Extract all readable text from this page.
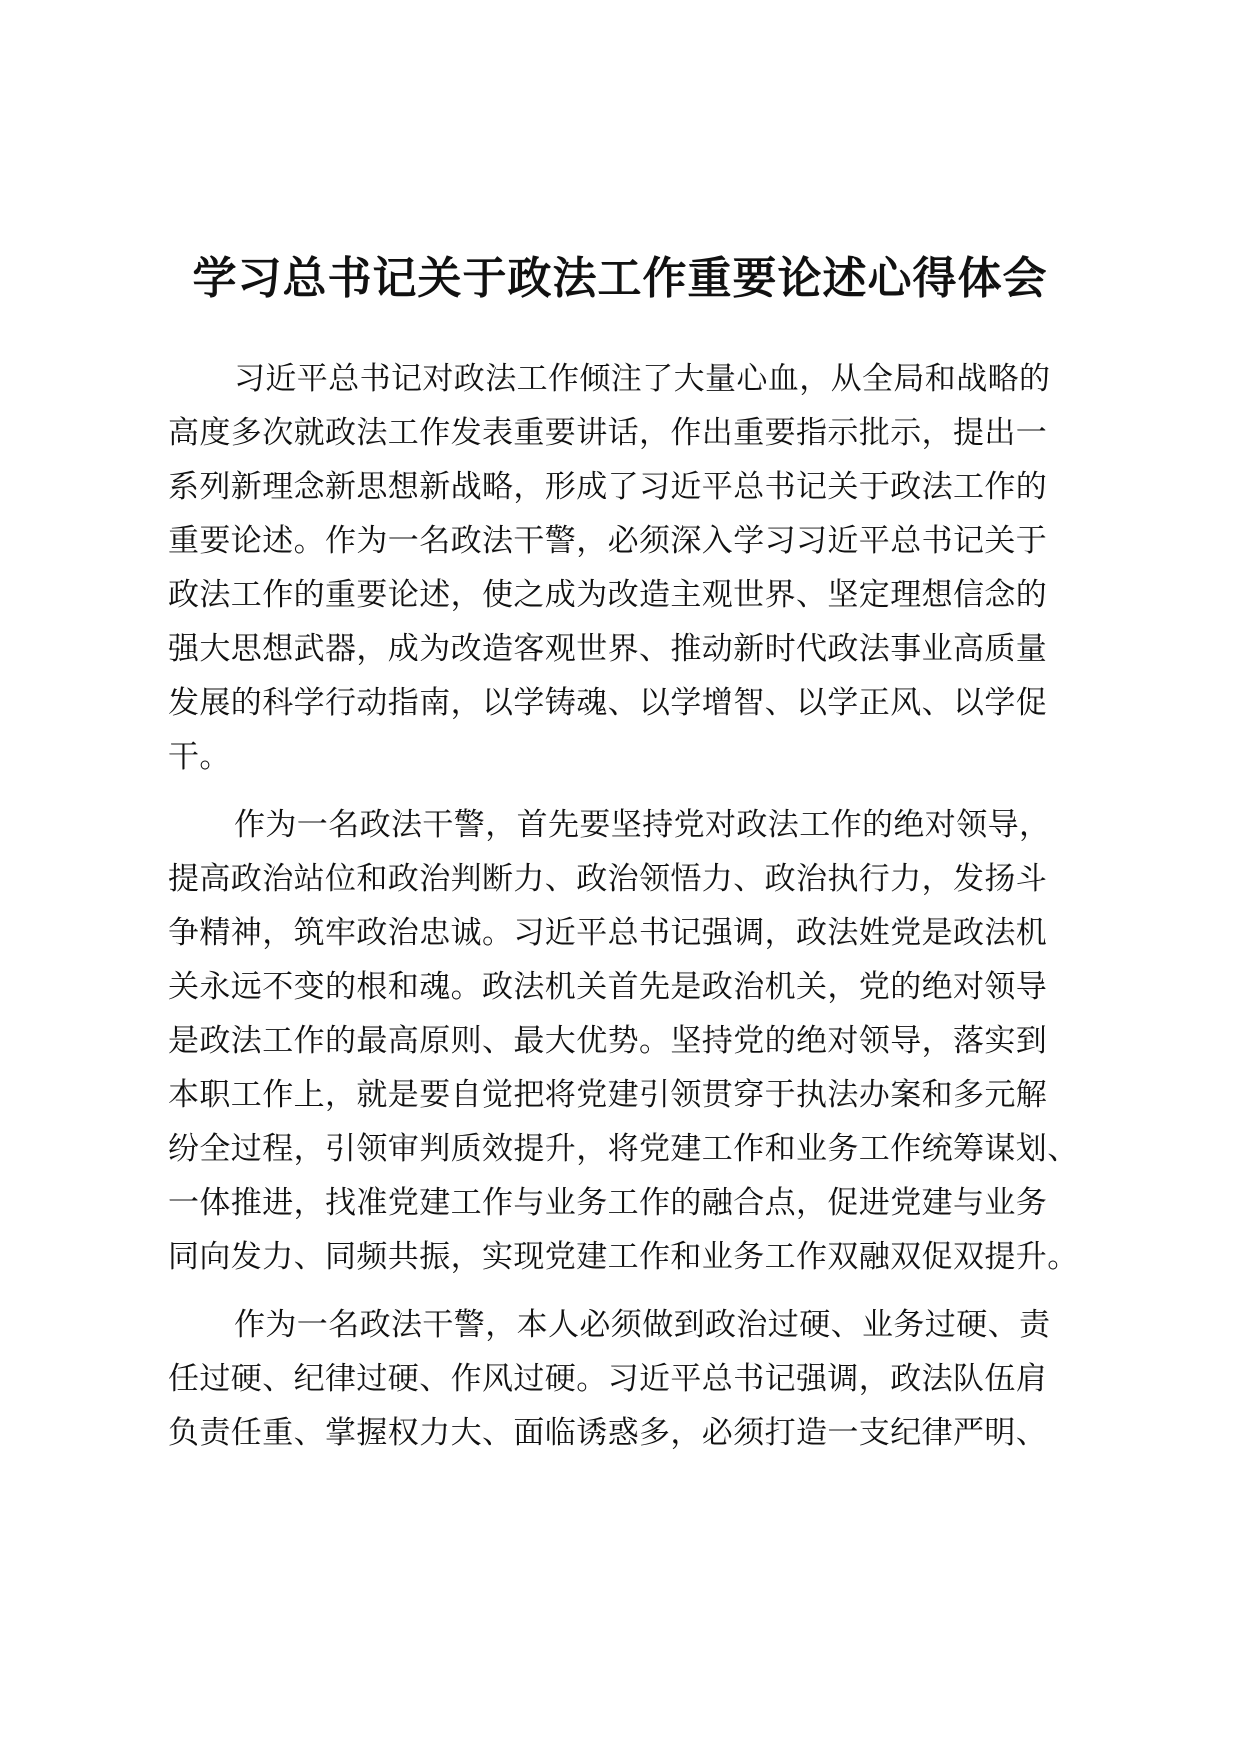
学习总书记关于政法工作重要论述心得体会
习近平总书记对政法工作倾注了大量心血，从全局和战略的
高度多次就政法工作发表重要讲话，作出重要指示批示，提出一
系列新理念新思想新战略，形成了习近平总书记关于政法工作的
重要论述。作为一名政法干警，必须深入学习习近平总书记关于
政法工作的重要论述，使之成为改造主观世界、坚定理想信念的
强大思想武器，成为改造客观世界、推动新时代政法事业高质量
发展的科学行动指南，以学铸魂、以学增智、以学正风、以学促
干。
作为一名政法干警，首先要坚持党对政法工作的绝对领导，
提高政治站位和政治判断力、政治领悟力、政治执行力，发扬斗
争精神，筑牢政治忠诚。习近平总书记强调，政法姓党是政法机
关永远不变的根和魂。政法机关首先是政治机关，党的绝对领导
是政法工作的最高原则、最大优势。坚持党的绝对领导，落实到
本职工作上，就是要自觉把将党建引领贯穿于执法办案和多元解
纷全过程，引领审判质效提升，将党建工作和业务工作统筹谋划、
一体推进，找准党建工作与业务工作的融合点，促进党建与业务
同向发力、同频共振，实现党建工作和业务工作双融双促双提升。
作为一名政法干警，本人必须做到政治过硬、业务过硬、责
任过硬、纪律过硬、作风过硬。习近平总书记强调，政法队伍肩
负责任重、掌握权力大、面临诱惑多，必须打造一支纪律严明、
